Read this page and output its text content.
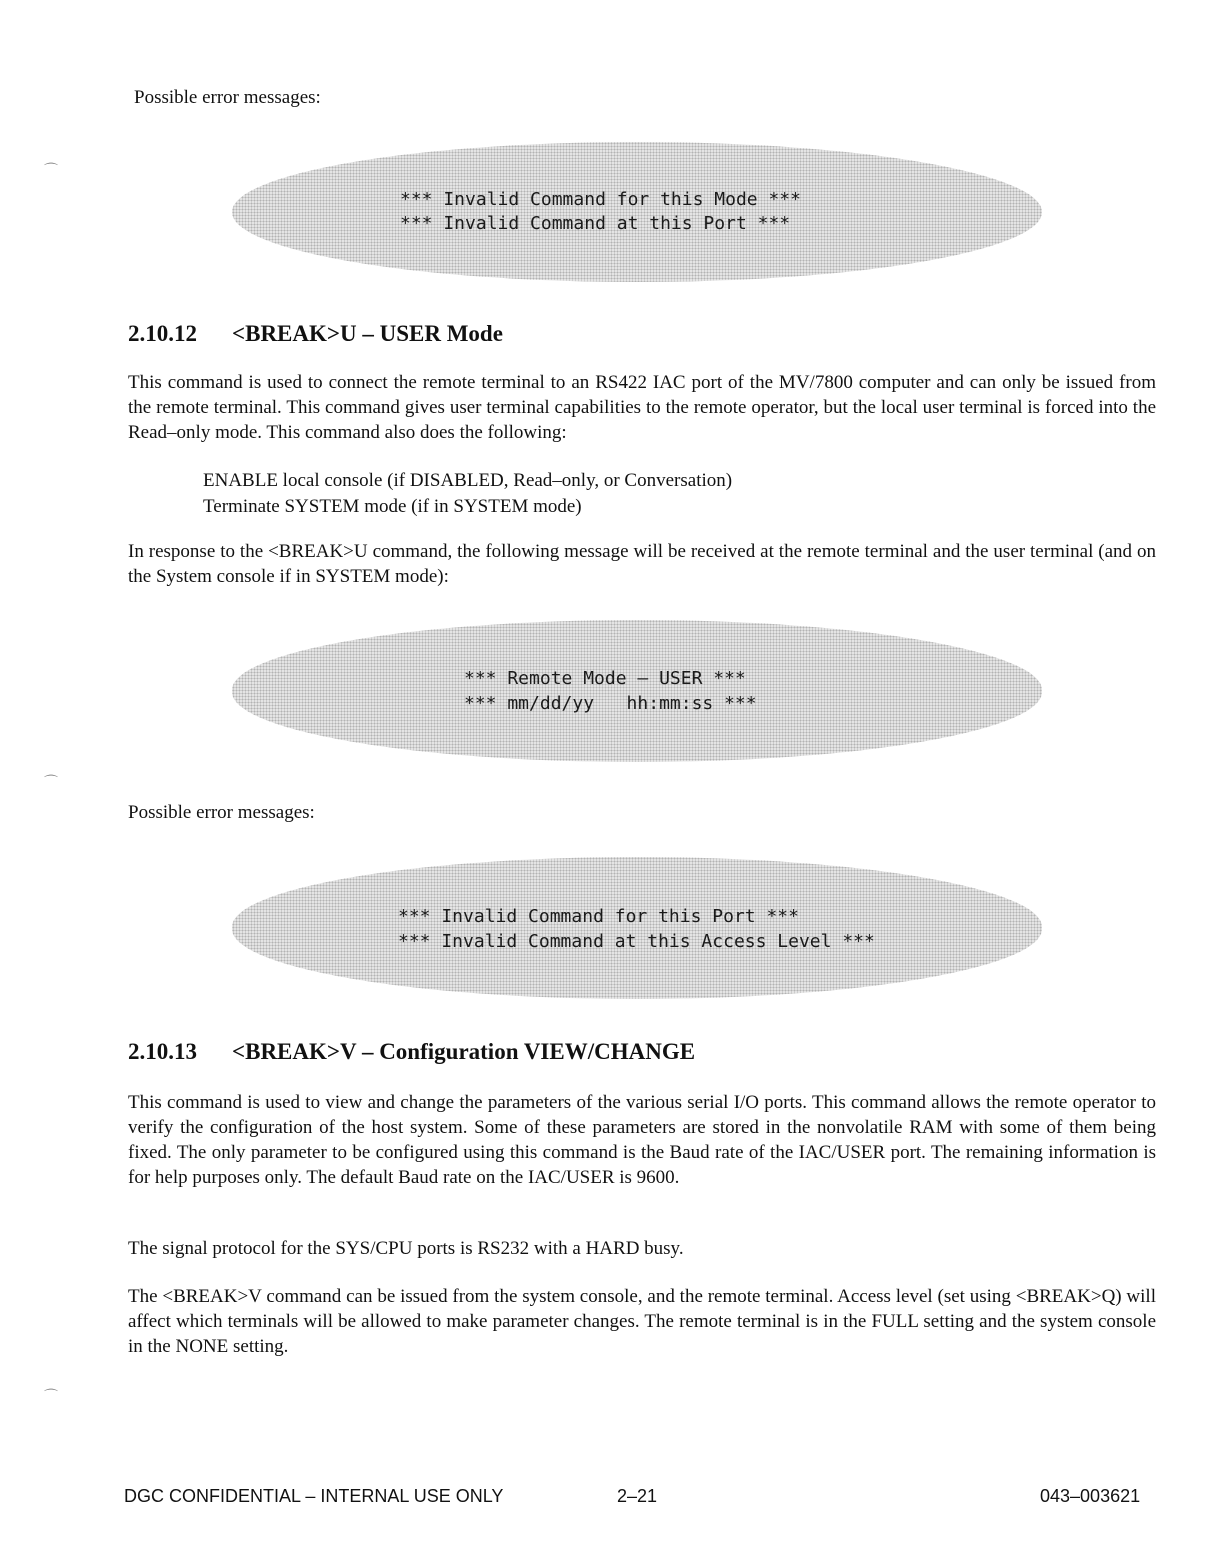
⌒
⌒
⌒

Possible error messages:

*** Invalid Command for this Mode ***

*** Invalid Command at this Port ***

2.10.12 <BREAK>U – USER Mode

This command is used to connect the remote terminal to an RS422 IAC port of the MV/7800 computer and can only be issued from the remote terminal. This command gives user terminal capabilities to the remote operator, but the local user terminal is forced into the Read–only mode. This command also does the following:

ENABLE local console (if DISABLED, Read–only, or Conversation)

Terminate SYSTEM mode (if in SYSTEM mode)

In response to the <BREAK>U command, the following message will be received at the remote terminal and the user terminal (and on the System console if in SYSTEM mode):

*** Remote Mode – USER ***

*** mm/dd/yy   hh:mm:ss ***

Possible error messages:

*** Invalid Command for this Port ***

*** Invalid Command at this Access Level ***

2.10.13 <BREAK>V – Configuration VIEW/CHANGE

This command is used to view and change the parameters of the various serial I/O ports. This command allows the remote operator to verify the configuration of the host system. Some of these parameters are stored in the nonvolatile RAM with some of them being fixed. The only parameter to be configured using this command is the Baud rate of the IAC/USER port. The remaining information is for help purposes only. The default Baud rate on the IAC/USER is 9600.

The signal protocol for the SYS/CPU ports is RS232 with a HARD busy.

The <BREAK>V command can be issued from the system console, and the remote terminal. Access level (set using <BREAK>Q) will affect which terminals will be allowed to make parameter changes. The remote terminal is in the FULL setting and the system console in the NONE setting.

DGC CONFIDENTIAL – INTERNAL USE ONLY	2–21	043–003621
